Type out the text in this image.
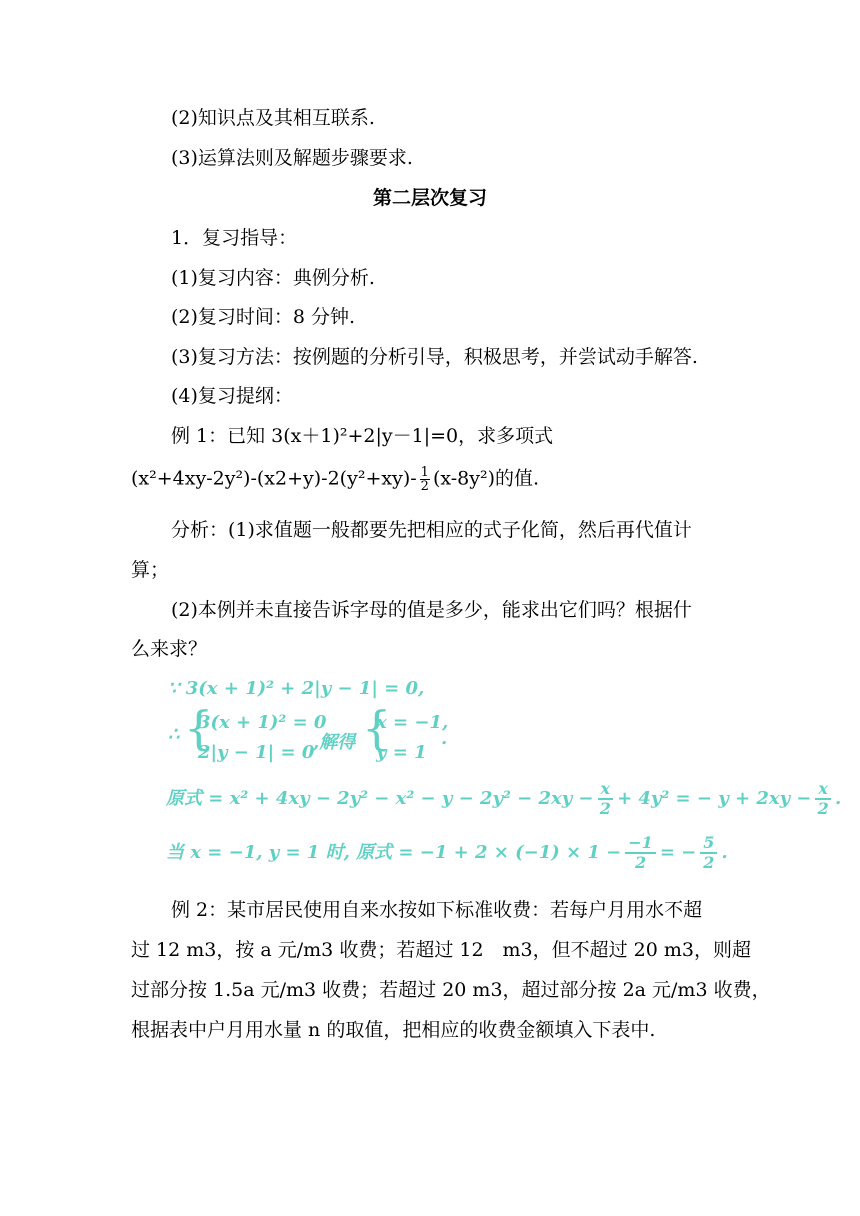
(2)知识点及其相互联系.
(3)运算法则及解题步骤要求.
第二层次复习
1．复习指导：
(1)复习内容：典例分析.
(2)复习时间：8 分钟.
(3)复习方法：按例题的分析引导，积极思考，并尝试动手解答.
(4)复习提纲：
例 1：已知 3(x＋1)²+2|y－1|=0，求多项式
$(x^2+4xy-2y^2)-(x2+y)-2(y^2+xy)- \frac{1}{2} (x-8y^2)$的值.
分析：(1)求值题一般都要先把相应的式子化简，然后再代值计
算；
(2)本例并未直接告诉字母的值是多少，能求出它们吗？根据什
么来求？
∵ 3(x + 1)² + 2|y − 1| = 0,
∴ {
3(x + 1)² = 0
2|y − 1| = 0
,解得 {
x = −1,
y = 1
.
原式 = $x^2 + 4xy - 2y^2 - x^2 - y - 2y^2 - 2xy - \frac{x}{2} + 4y^2$ = − $y + 2xy - \frac{x}{2}$ .
当 x = −1, y = 1 时, 原式 = $-1 + 2 \times (-1) \times 1 - \frac{-1}{2}$ = − $\frac{5}{2}$ .
例 2：某市居民使用自来水按如下标准收费：若每户月用水不超
过 12 m3，按 a 元/m3 收费；若超过 12　m3，但不超过 20 m3，则超
过部分按 1.5a 元/m3 收费；若超过 20 m3，超过部分按 2a 元/m3 收费，
根据表中户月用水量 n 的取值，把相应的收费金额填入下表中.
